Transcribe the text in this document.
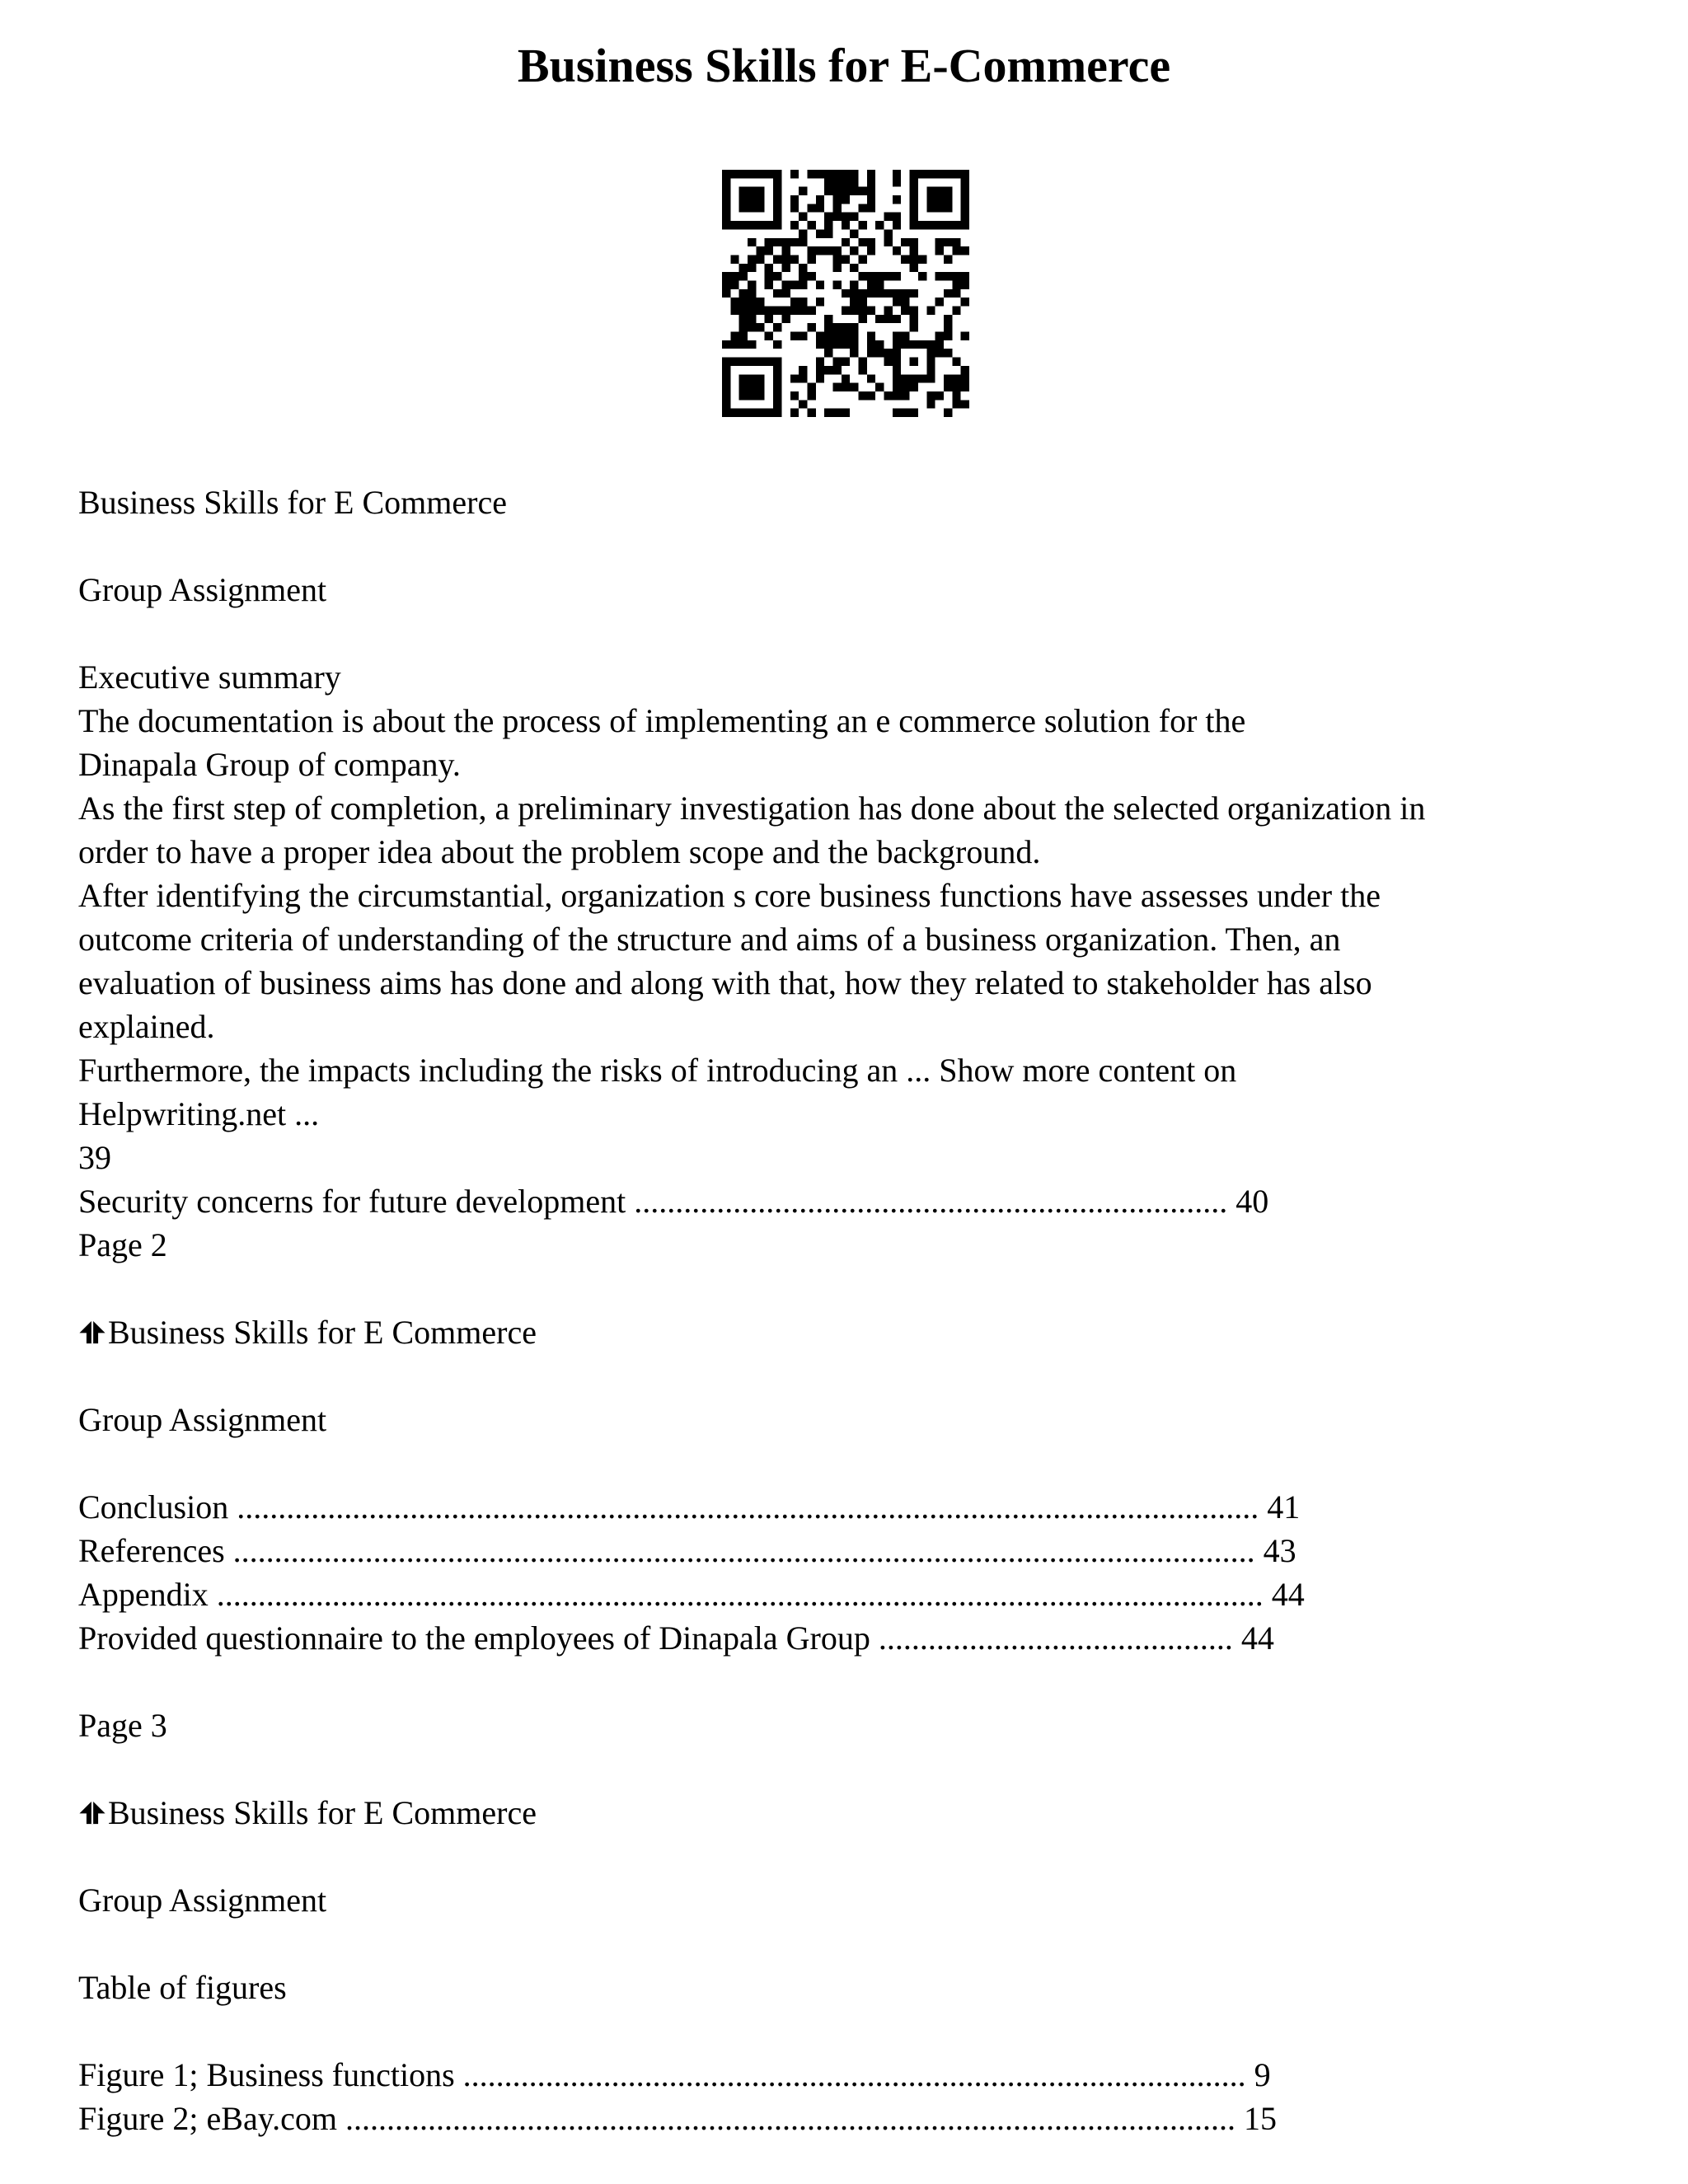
Business Skills for E-Commerce
Business Skills for E Commerce
Group Assignment
Executive summary
The documentation is about the process of implementing an e commerce solution for the
Dinapala Group of company.
As the first step of completion, a preliminary investigation has done about the selected organization in
order to have a proper idea about the problem scope and the background.
After identifying the circumstantial, organization s core business functions have assesses under the
outcome criteria of understanding of the structure and aims of a business organization. Then, an
evaluation of business aims has done and along with that, how they related to stakeholder has also
explained.
Furthermore, the impacts including the risks of introducing an ... Show more content on
Helpwriting.net ...
39
Security concerns for future development ........................................................................ 40
Page 2
Business Skills for E Commerce
Group Assignment
Conclusion ............................................................................................................................ 41
References ............................................................................................................................ 43
Appendix ............................................................................................................................... 44
Provided questionnaire to the employees of Dinapala Group ........................................... 44
Page 3
Business Skills for E Commerce
Group Assignment
Table of figures
Figure 1; Business functions ............................................................................................... 9
Figure 2; eBay.com ............................................................................................................ 15
